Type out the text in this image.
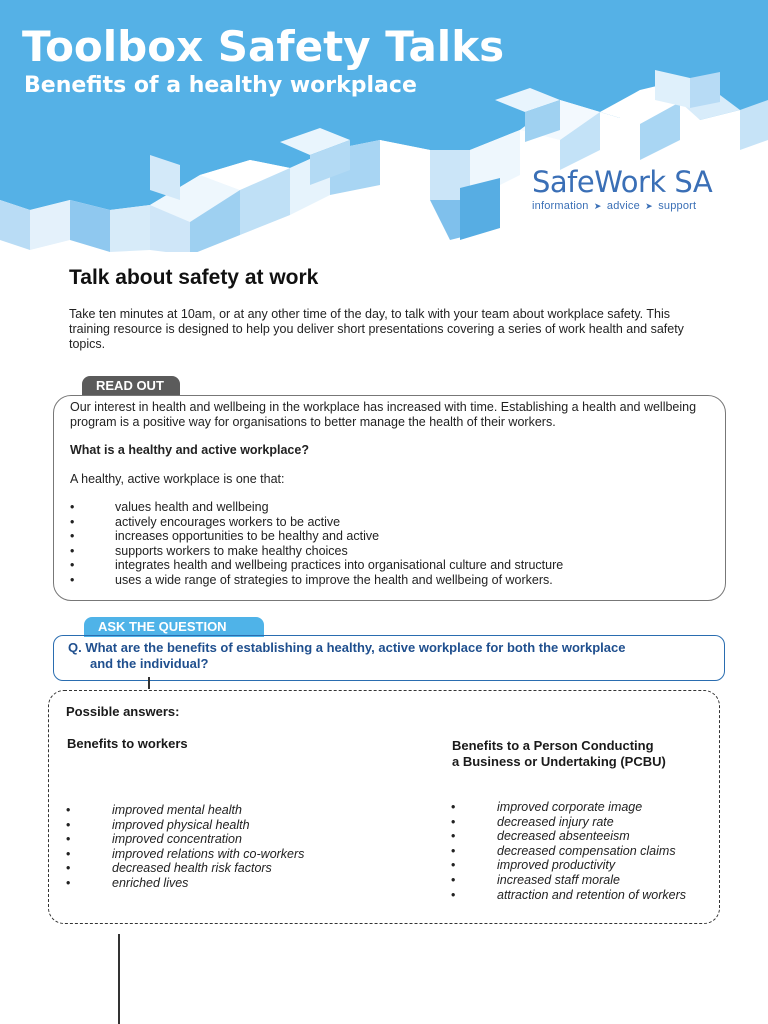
Toolbox Safety Talks
Benefits of a healthy workplace
SafeWork SA
information ➤ advice ➤ support
Talk about safety at work

Take ten minutes at 10am, or at any other time of the day, to talk with your team about workplace safety. This training resource is designed to help you deliver short presentations covering a series of work health and safety topics.

READ OUT

Our interest in health and wellbeing in the workplace has increased with time. Establishing a health and wellbeing program is a positive way for organisations to better manage the health of their workers.

What is a healthy and active workplace?

A healthy, active workplace is one that:

•	values health and wellbeing
•	actively encourages workers to be active
•	increases opportunities to be healthy and active
•	supports workers to make healthy choices
•	integrates health and wellbeing practices into organisational culture and structure
•	uses a wide range of strategies to improve the health and wellbeing of workers.
ASK THE QUESTION
Q. What are the benefits of establishing a healthy, active workplace for both the workplace
and the individual?

Possible answers:

Benefits to workers	Benefits to a Person Conducting
a Business or Undertaking (PCBU)

•	improved mental health
•	improved physical health
•	improved concentration
•	improved relations with co-workers
•	decreased health risk factors
•	enriched lives
•	improved corporate image
•	decreased injury rate
•	decreased absenteeism
•	decreased compensation claims
•	improved productivity
•	increased staff morale
•	attraction and retention of workers
